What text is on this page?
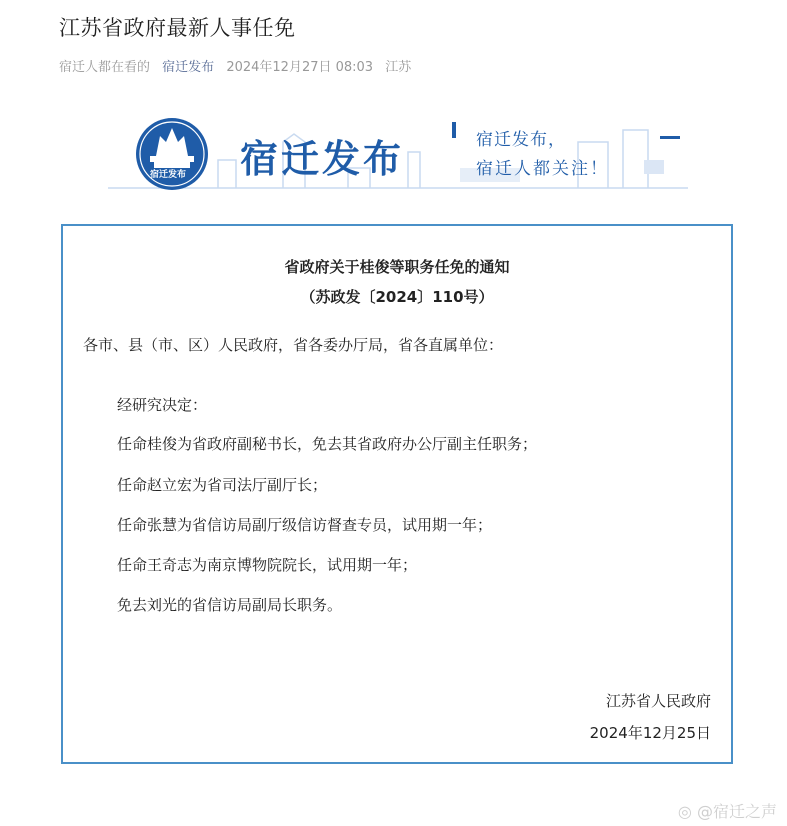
江苏省政府最新人事任免
宿迁人都在看的 宿迁发布 2024年12月27日 08:03 江苏
宿迁发布	宿迁发布，
宿迁人都关注！
宿迁发布
省政府关于桂俊等职务任免的通知
（苏政发〔2024〕110号）
各市、县（市、区）人民政府，省各委办厅局，省各直属单位：
经研究决定：
任命桂俊为省政府副秘书长，免去其省政府办公厅副主任职务；
任命赵立宏为省司法厅副厅长；
任命张慧为省信访局副厅级信访督查专员，试用期一年；
任命王奇志为南京博物院院长，试用期一年；
免去刘光的省信访局副局长职务。
江苏省人民政府
2024年12月25日
◎ @宿迁之声
